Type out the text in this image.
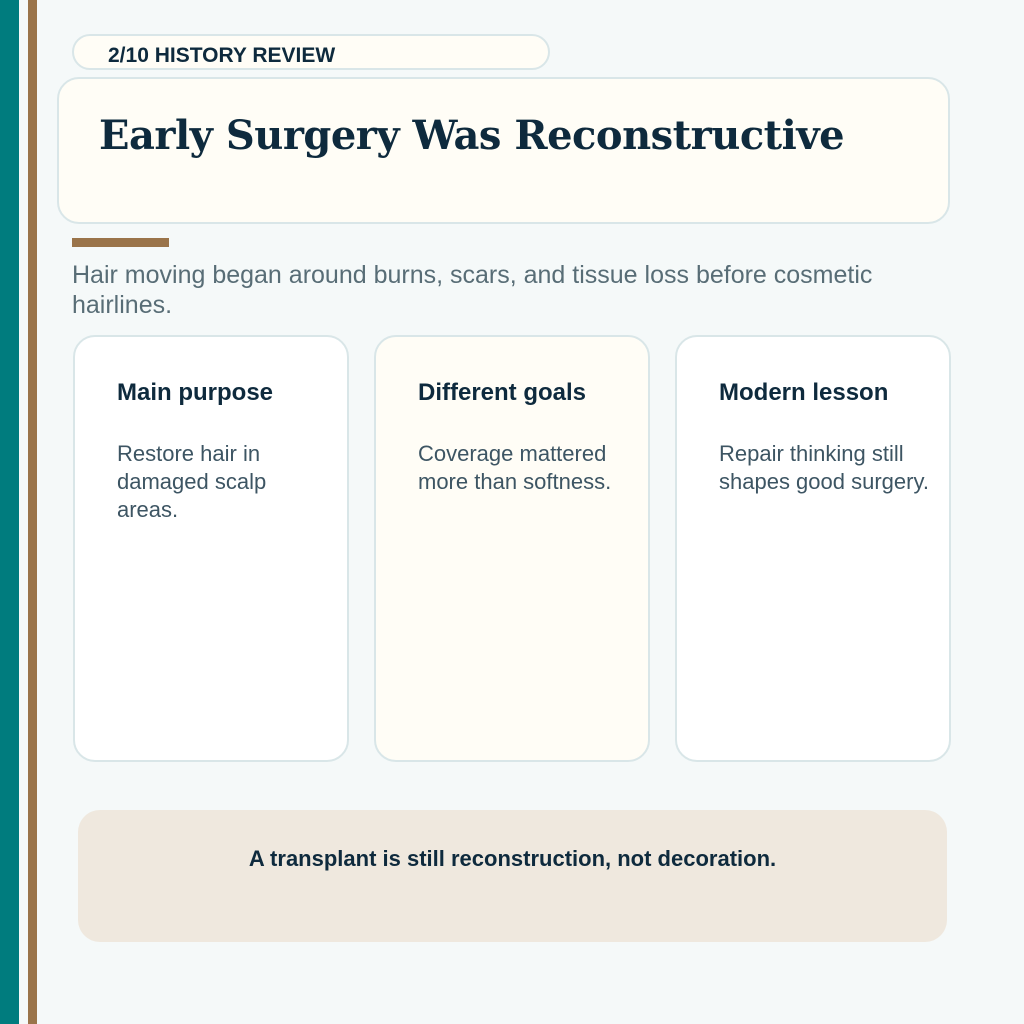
2/10 HISTORY REVIEW
Early Surgery Was Reconstructive

Hair moving began around burns, scars, and tissue loss before cosmetic hairlines.

Main purpose

Restore hair in damaged scalp areas.

Different goals

Coverage mattered more than softness.

Modern lesson

Repair thinking still shapes good surgery.

A transplant is still reconstruction, not decoration.
